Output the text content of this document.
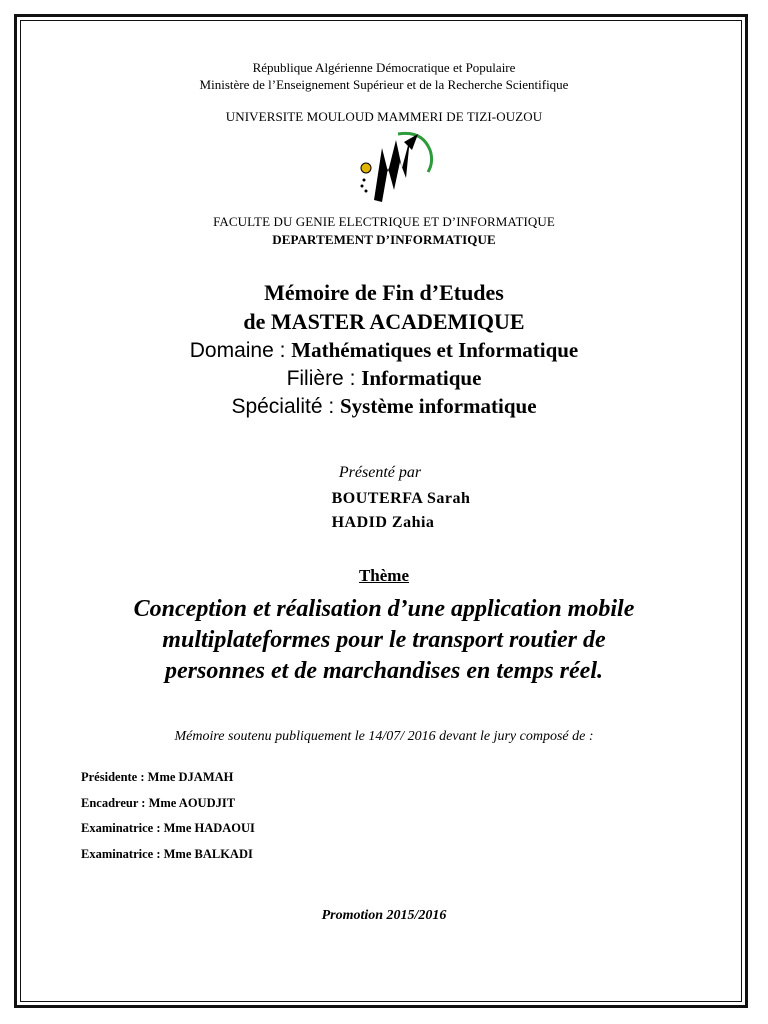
République Algérienne Démocratique et Populaire
Ministère de l’Enseignement Supérieur et de la Recherche Scientifique
UNIVERSITE MOULOUD MAMMERI DE TIZI-OUZOU
FACULTE DU GENIE ELECTRIQUE ET D’INFORMATIQUE
DEPARTEMENT D’INFORMATIQUE
Mémoire de Fin d’Etudes
de MASTER ACADEMIQUE
Domaine : Mathématiques et Informatique
Filière : Informatique
Spécialité : Système informatique
Présenté par
BOUTERFA Sarah
HADID Zahia
Thème
Conception et réalisation d’une application mobile
multiplateformes pour le transport routier de
personnes et de marchandises en temps réel.
Mémoire soutenu publiquement le 14/07/ 2016 devant le jury composé de :
Présidente : Mme DJAMAH
Encadreur : Mme AOUDJIT
Examinatrice : Mme HADAOUI
Examinatrice : Mme BALKADI
Promotion 2015/2016
